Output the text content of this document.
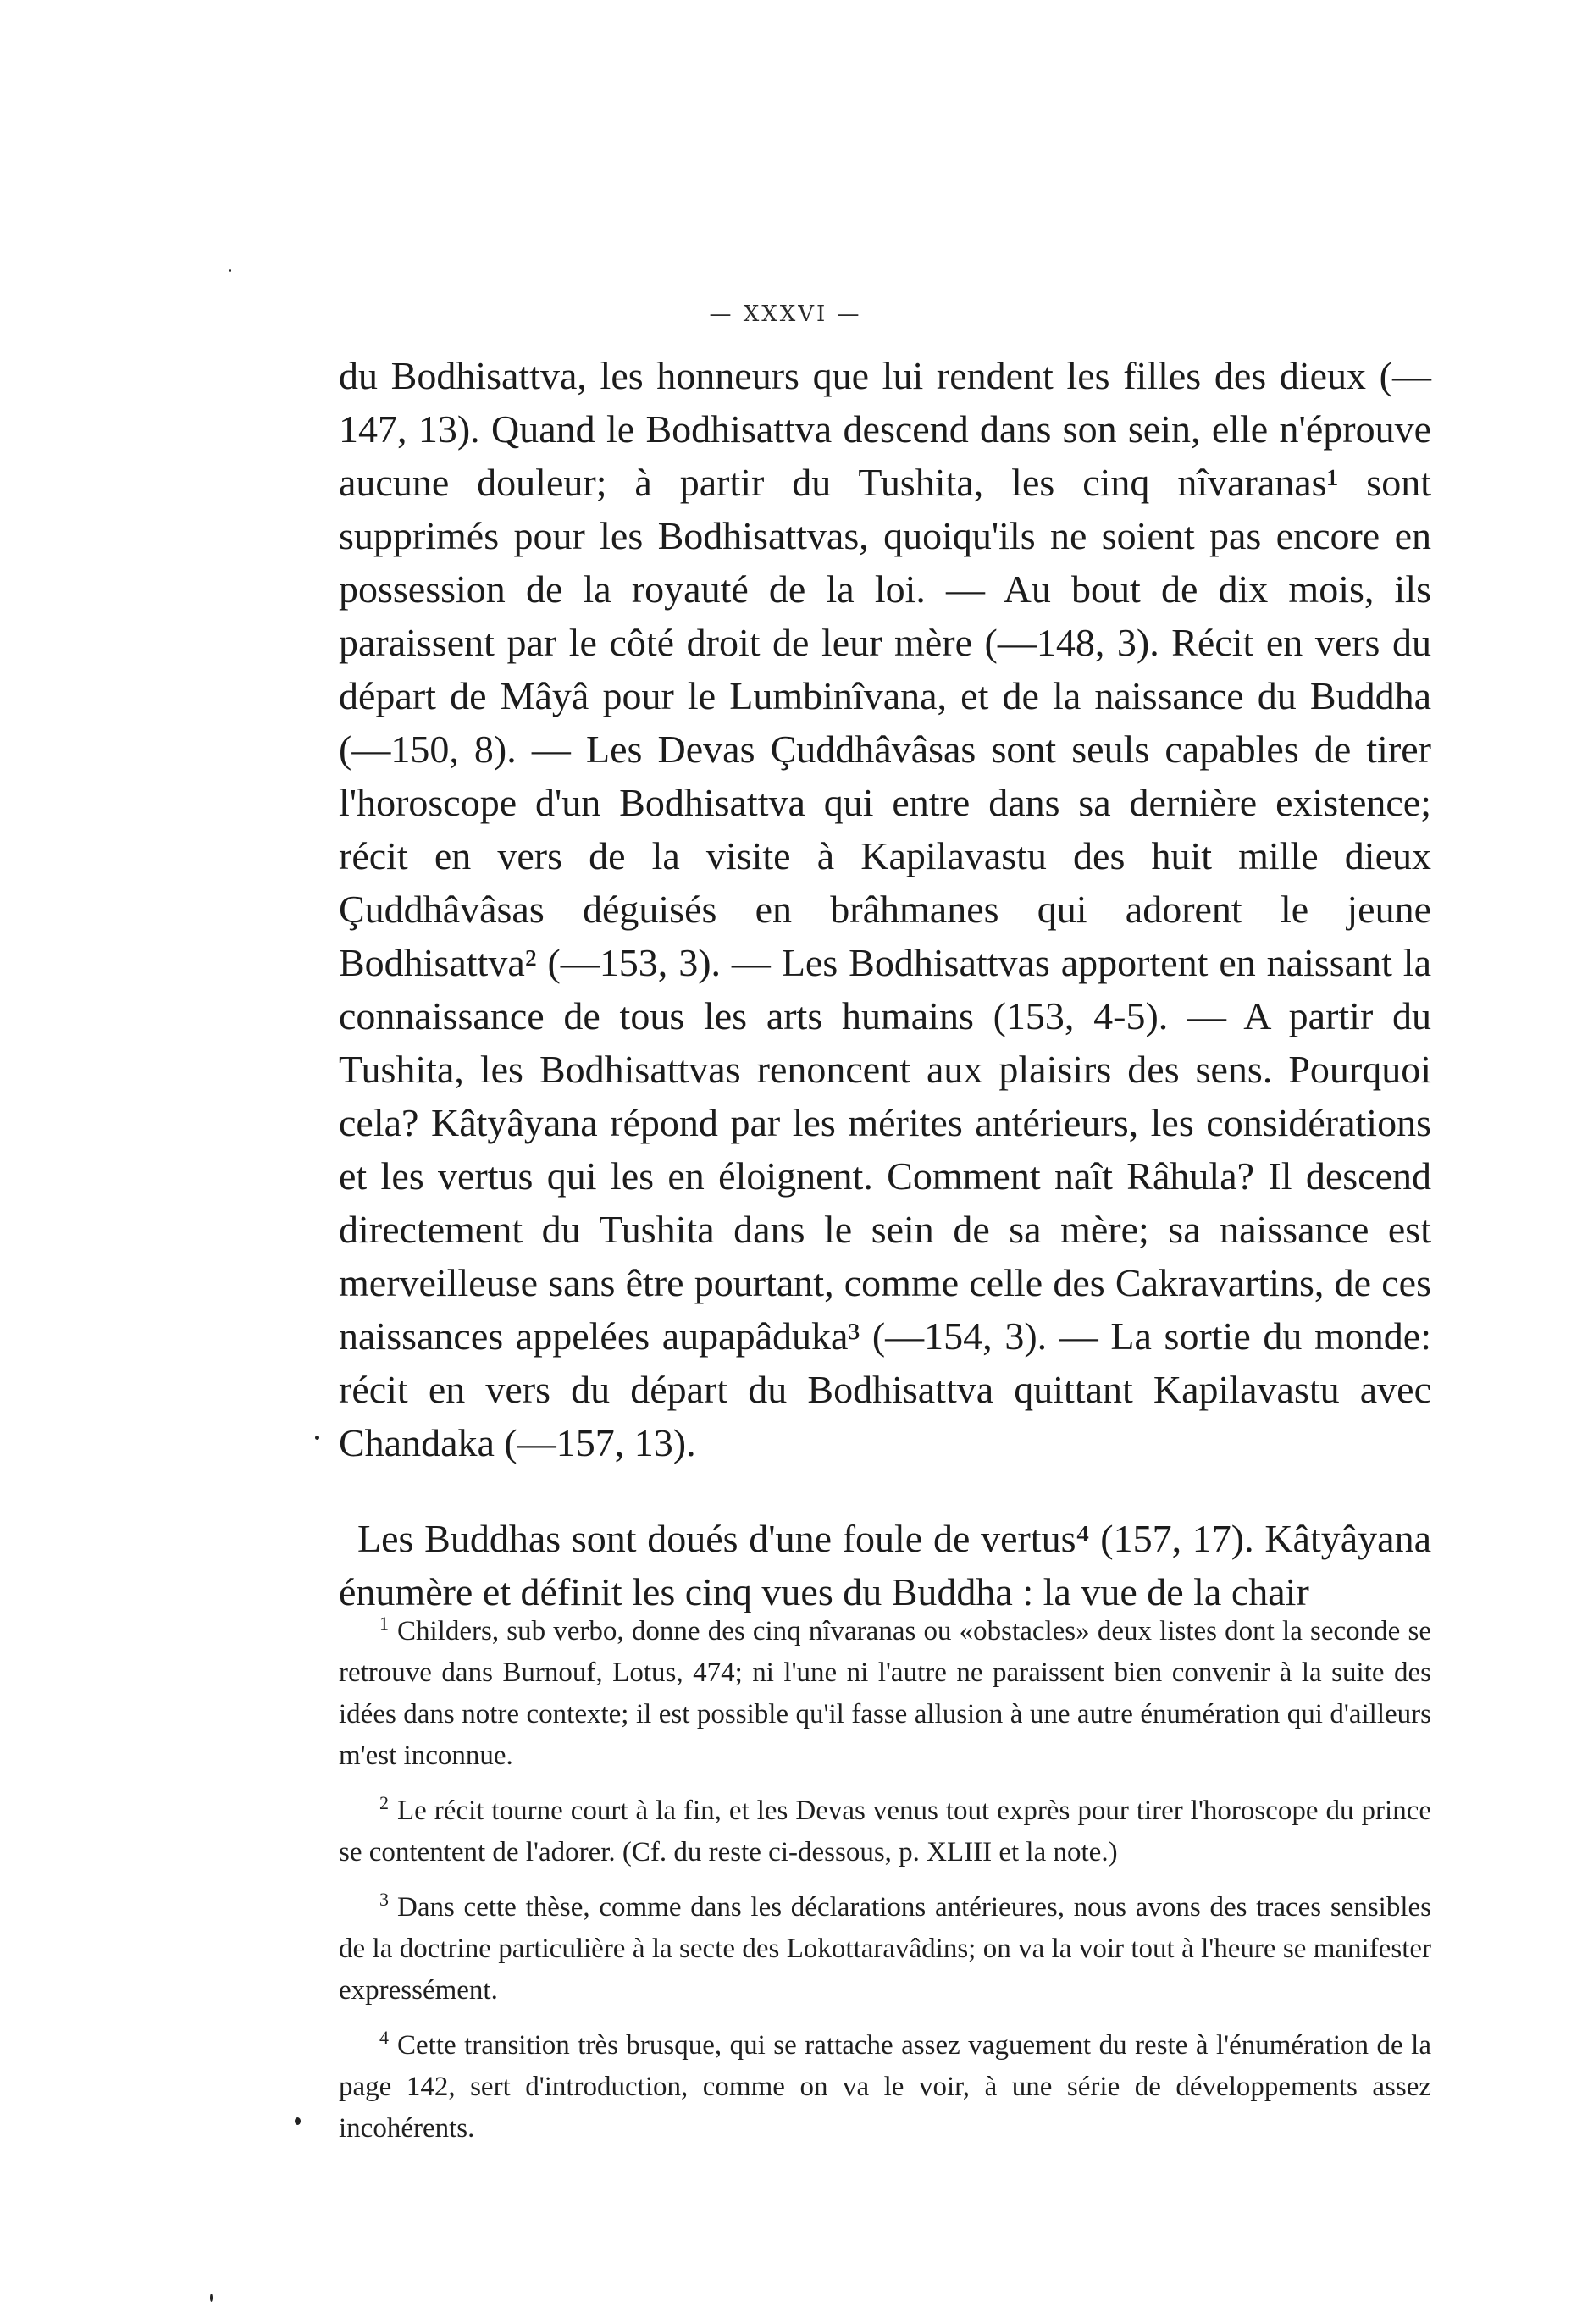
— XXXVI —

du Bodhisattva, les honneurs que lui rendent les filles des dieux (—147, 13). Quand le Bodhisattva descend dans son sein, elle n'éprouve aucune douleur; à partir du Tushita, les cinq nîvaranas¹ sont supprimés pour les Bodhisattvas, quoiqu'ils ne soient pas encore en possession de la royauté de la loi. — Au bout de dix mois, ils paraissent par le côté droit de leur mère (—148, 3). Récit en vers du départ de Mâyâ pour le Lumbinîvana, et de la naissance du Buddha (—150, 8). — Les Devas Çuddhâvâsas sont seuls capables de tirer l'horoscope d'un Bodhisattva qui entre dans sa dernière existence; récit en vers de la visite à Kapilavastu des huit mille dieux Çuddhâvâsas déguisés en brâhmanes qui adorent le jeune Bodhisattva² (—153, 3). — Les Bodhisattvas apportent en naissant la connaissance de tous les arts humains (153, 4-5). — A partir du Tushita, les Bodhisattvas renoncent aux plaisirs des sens. Pourquoi cela? Kâtyâyana répond par les mérites antérieurs, les considérations et les vertus qui les en éloignent. Comment naît Râhula? Il descend directement du Tushita dans le sein de sa mère; sa naissance est merveilleuse sans être pourtant, comme celle des Cakravartins, de ces naissances appelées aupapâduka³ (—154, 3). — La sortie du monde: récit en vers du départ du Bodhisattva quittant Kapilavastu avec Chandaka (—157, 13).

Les Buddhas sont doués d'une foule de vertus⁴ (157, 17). Kâtyâyana énumère et définit les cinq vues du Buddha : la vue de la chair

$^1$ Childers, sub verbo, donne des cinq nîvaranas ou «obstacles» deux listes dont la seconde se retrouve dans Burnouf, Lotus, 474; ni l'une ni l'autre ne paraissent bien convenir à la suite des idées dans notre contexte; il est possible qu'il fasse allusion à une autre énumération qui d'ailleurs m'est inconnue.

$^2$ Le récit tourne court à la fin, et les Devas venus tout exprès pour tirer l'horoscope du prince se contentent de l'adorer. (Cf. du reste ci-dessous, p. XLIII et la note.)

$^3$ Dans cette thèse, comme dans les déclarations antérieures, nous avons des traces sensibles de la doctrine particulière à la secte des Lokottaravâdins; on va la voir tout à l'heure se manifester expressément.

$^4$ Cette transition très brusque, qui se rattache assez vaguement du reste à l'énumération de la page 142, sert d'introduction, comme on va le voir, à une série de développements assez incohérents.
